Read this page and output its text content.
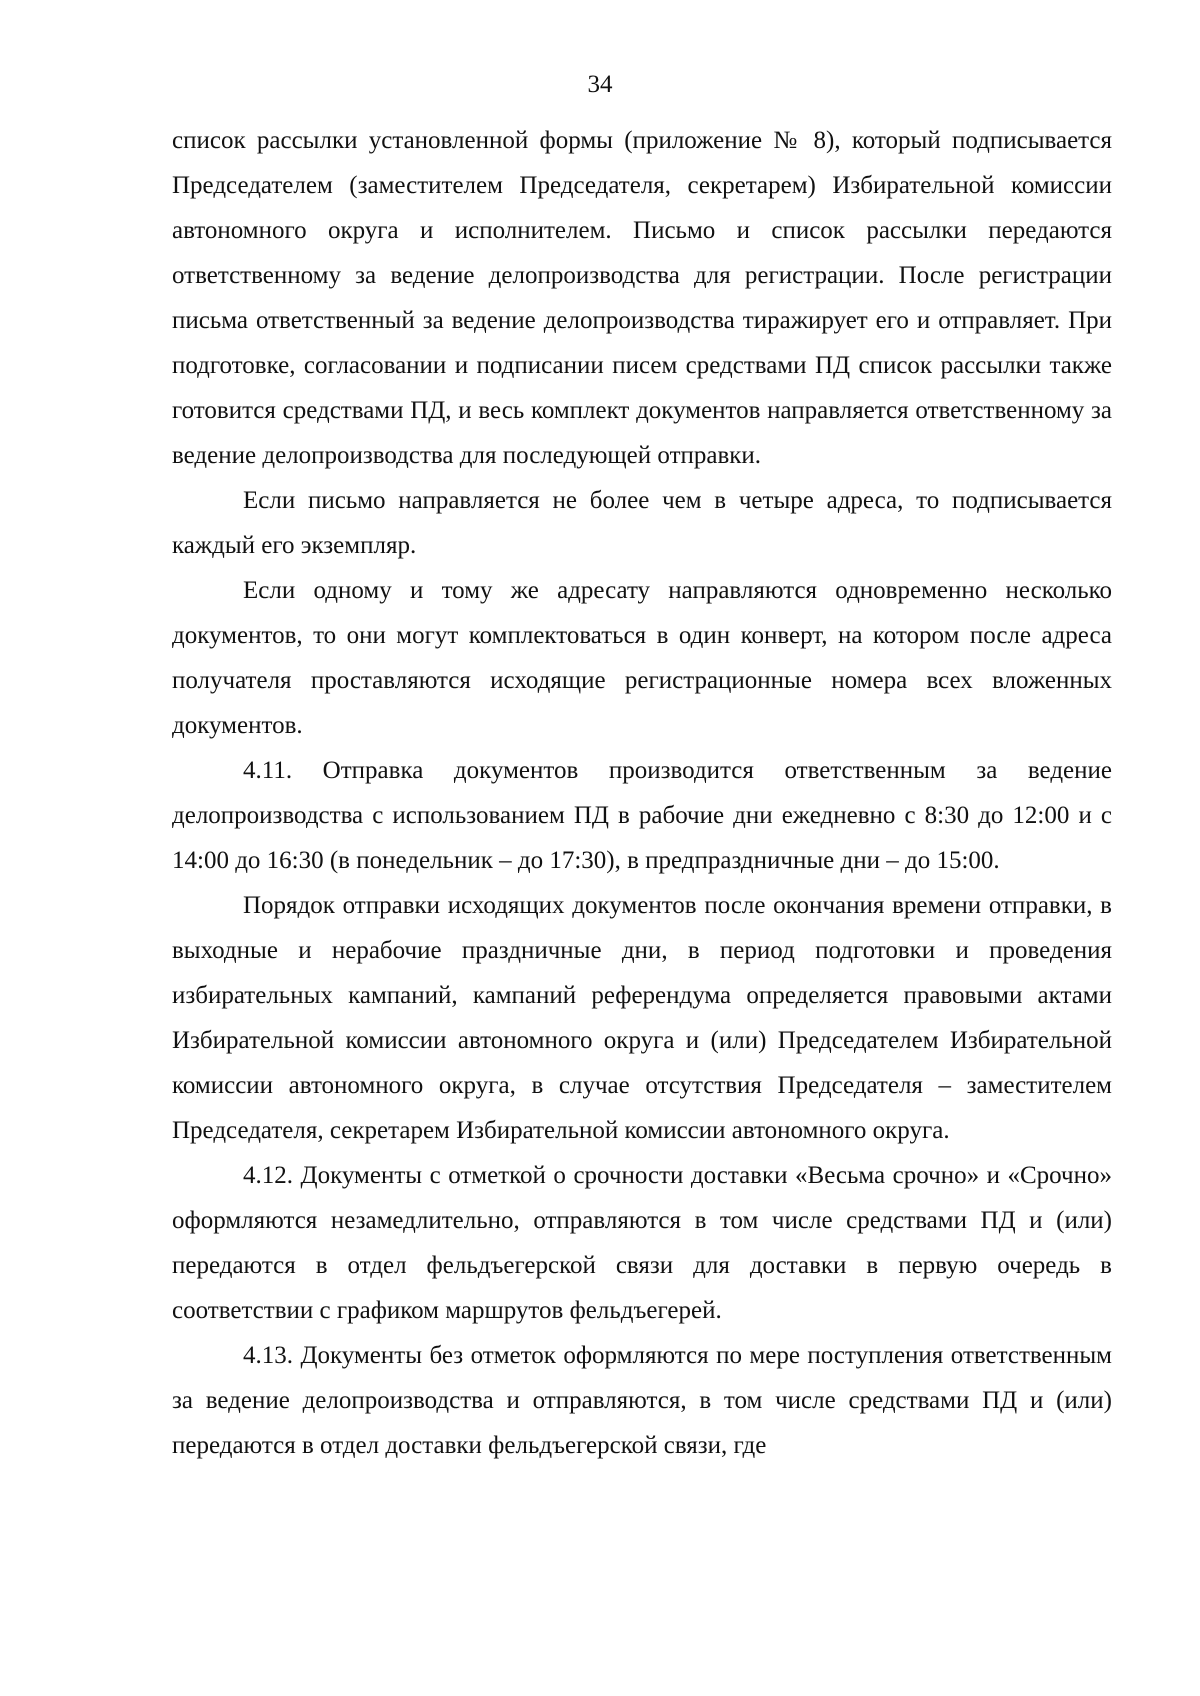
34

список рассылки установленной формы (приложение № 8), который подписывается Председателем (заместителем Председателя, секретарем) Избирательной комиссии автономного округа и исполнителем. Письмо и список рассылки передаются ответственному за ведение делопроизводства для регистрации. После регистрации письма ответственный за ведение делопроизводства тиражирует его и отправляет. При подготовке, согласовании и подписании писем средствами ПД список рассылки также готовится средствами ПД, и весь комплект документов направляется ответственному за ведение делопроизводства для последующей отправки.

Если письмо направляется не более чем в четыре адреса, то подписывается каждый его экземпляр.

Если одному и тому же адресату направляются одновременно несколько документов, то они могут комплектоваться в один конверт, на котором после адреса получателя проставляются исходящие регистрационные номера всех вложенных документов.

4.11. Отправка документов производится ответственным за ведение делопроизводства с использованием ПД в рабочие дни ежедневно с 8:30 до 12:00 и с 14:00 до 16:30 (в понедельник – до 17:30), в предпраздничные дни – до 15:00.

Порядок отправки исходящих документов после окончания времени отправки, в выходные и нерабочие праздничные дни, в период подготовки и проведения избирательных кампаний, кампаний референдума определяется правовыми актами Избирательной комиссии автономного округа и (или) Председателем Избирательной комиссии автономного округа, в случае отсутствия Председателя – заместителем Председателя, секретарем Избирательной комиссии автономного округа.

4.12. Документы с отметкой о срочности доставки «Весьма срочно» и «Срочно» оформляются незамедлительно, отправляются в том числе средствами ПД и (или) передаются в отдел фельдъегерской связи для доставки в первую очередь в соответствии с графиком маршрутов фельдъегерей.

4.13. Документы без отметок оформляются по мере поступления ответственным за ведение делопроизводства и отправляются, в том числе средствами ПД и (или) передаются в отдел доставки фельдъегерской связи, где
